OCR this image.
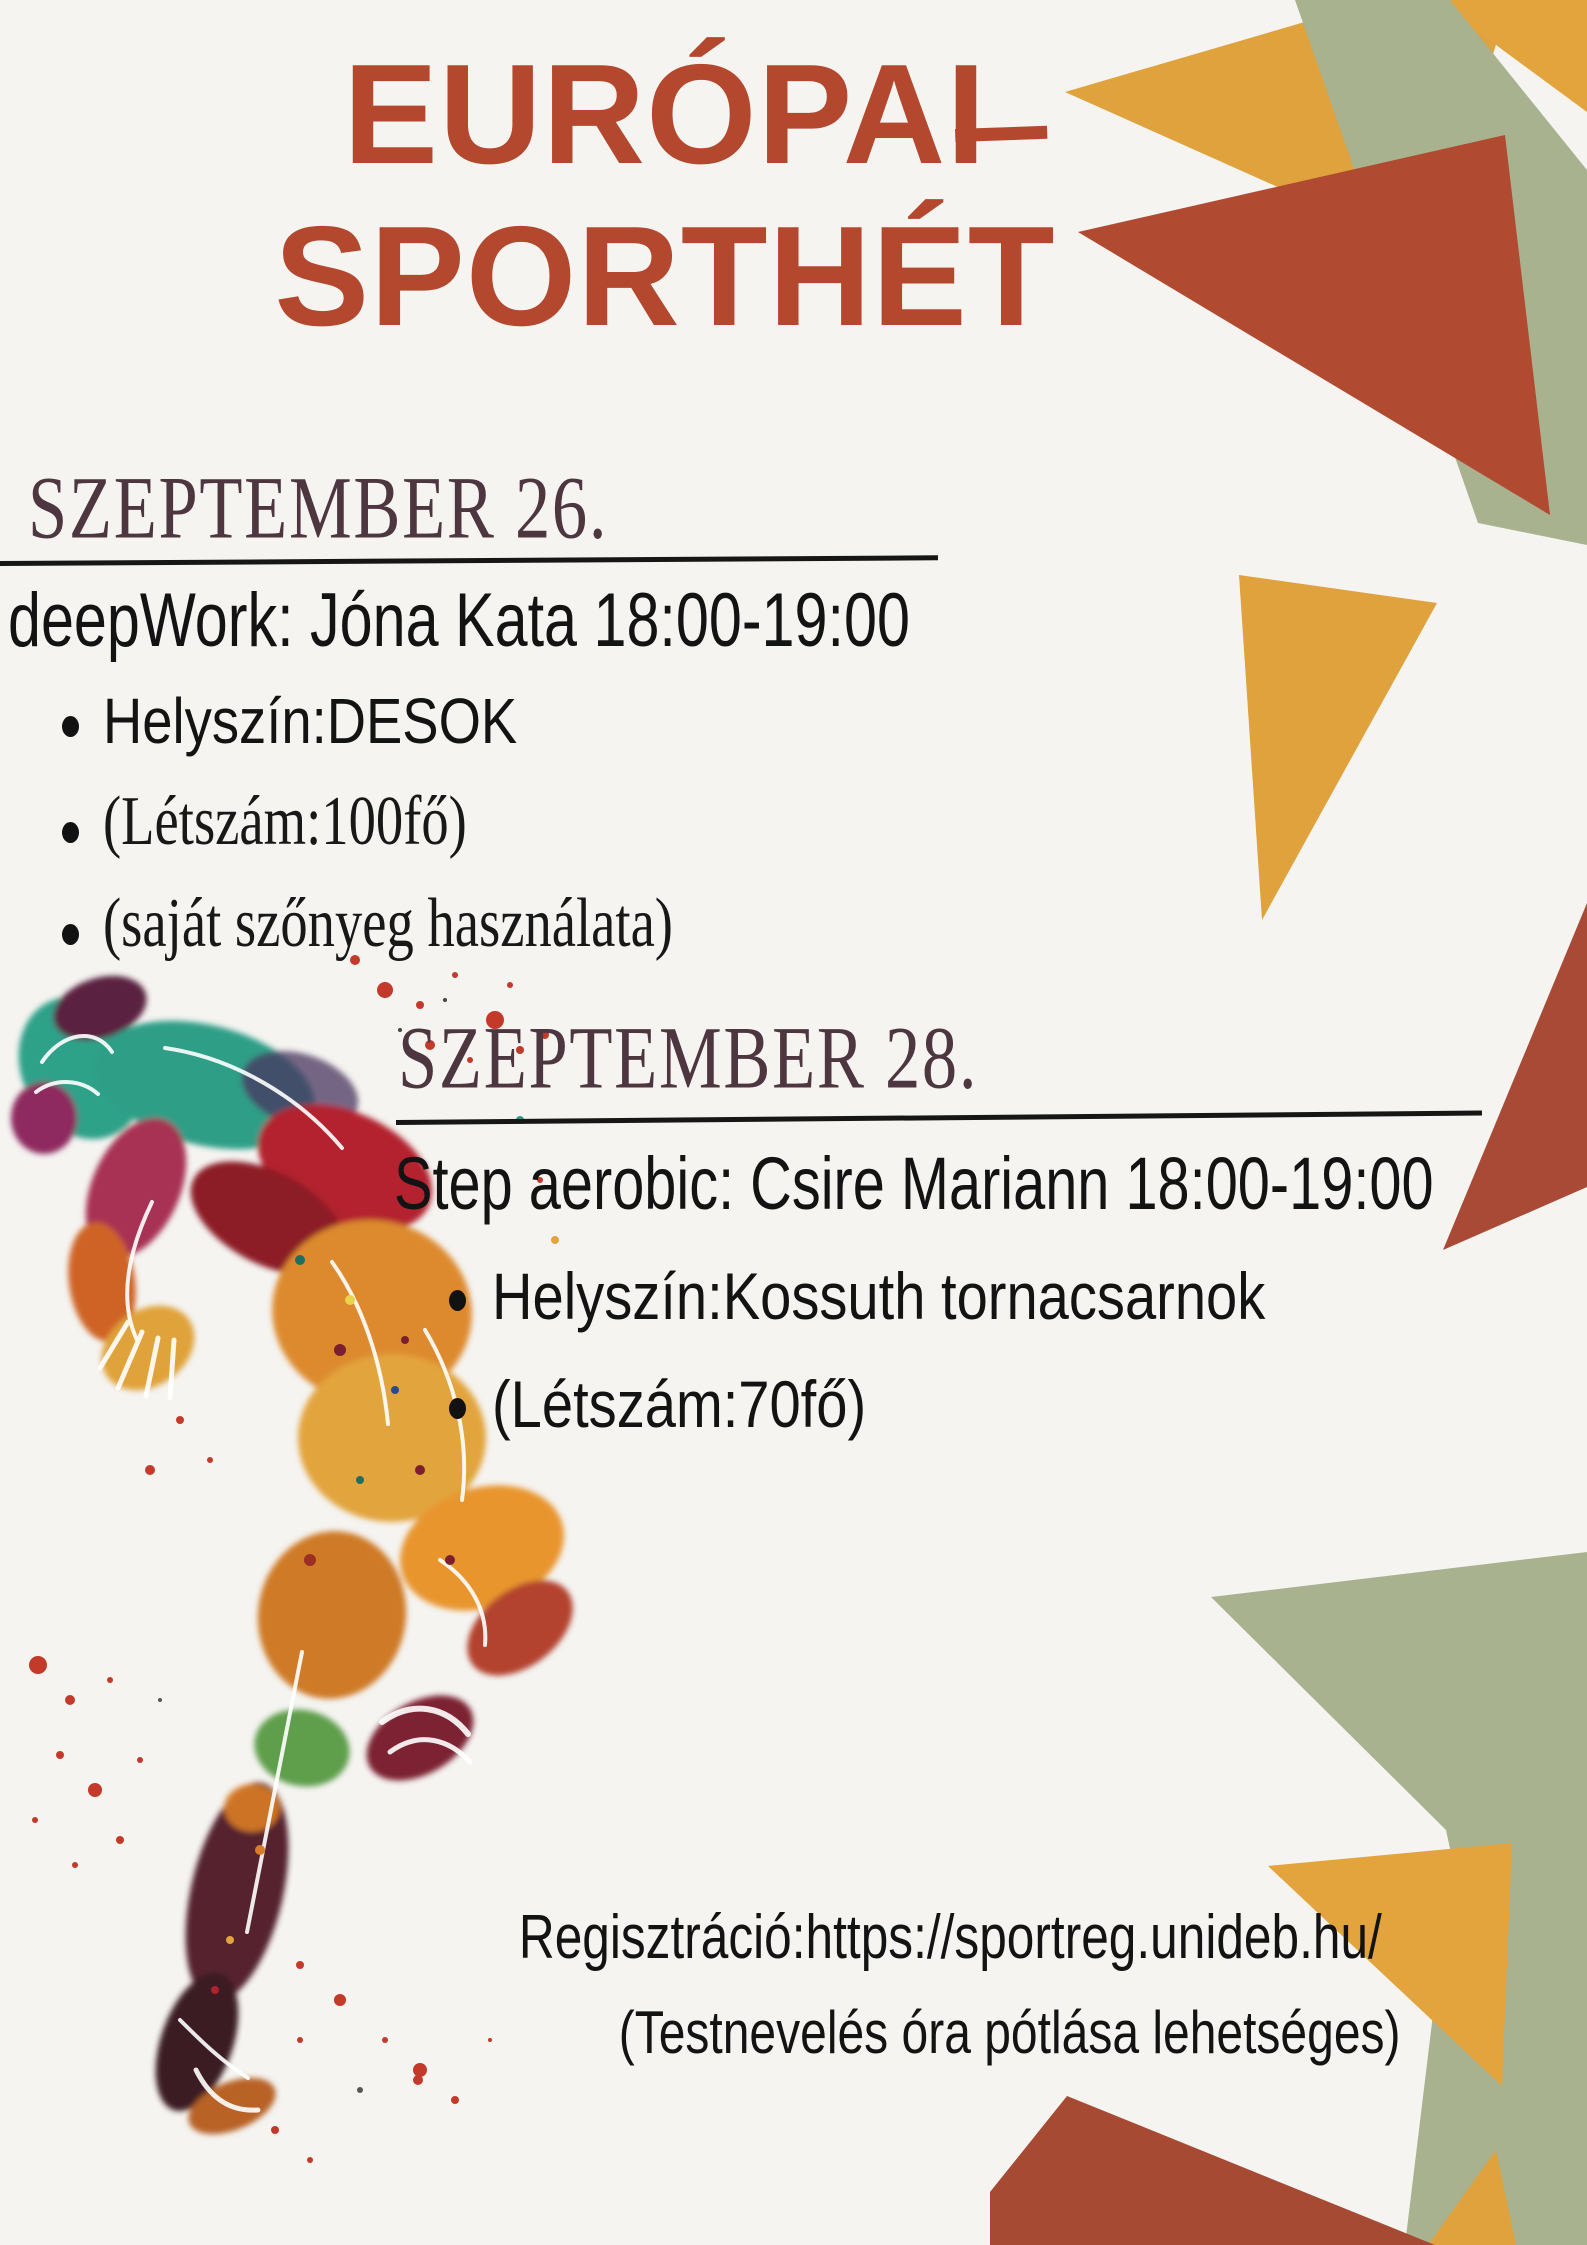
EURÓPAI
SPORTHÉT
SZEPTEMBER 26.
deepWork: Jóna Kata 18:00-19:00
Helyszín:DESOK
(Létszám:100fő)
(saját szőnyeg használata)
SZEPTEMBER 28.
Step aerobic: Csire Mariann 18:00-19:00
Helyszín:Kossuth tornacsarnok
(Létszám:70fő)
Regisztráció:https://sportreg.unideb.hu/
(Testnevelés óra pótlása lehetséges)
